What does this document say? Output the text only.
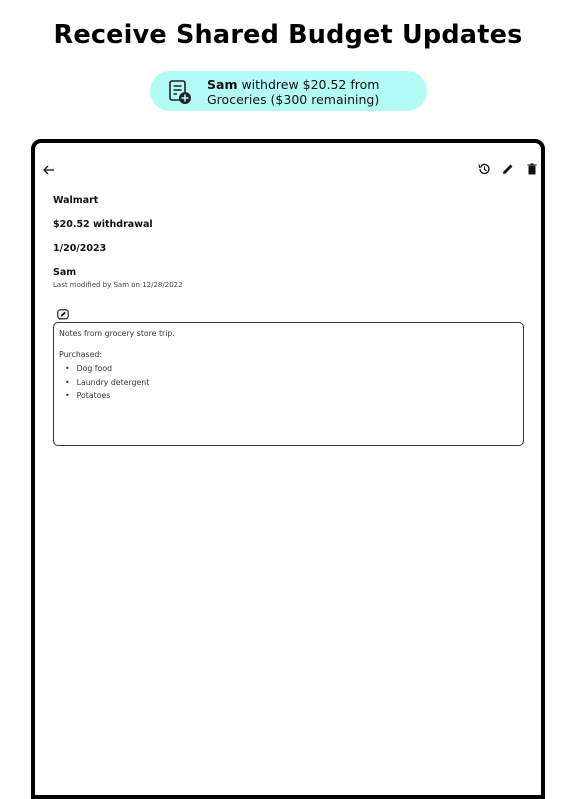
Receive Shared Budget Updates
Sam withdrew $20.52 from
Groceries ($300 remaining)
Walmart
$20.52 withdrawal
1/20/2023
Sam
Last modified by Sam on 12/28/2022

Notes from grocery store trip.

Purchased:

• Dog food
• Laundry detergent
• Potatoes
